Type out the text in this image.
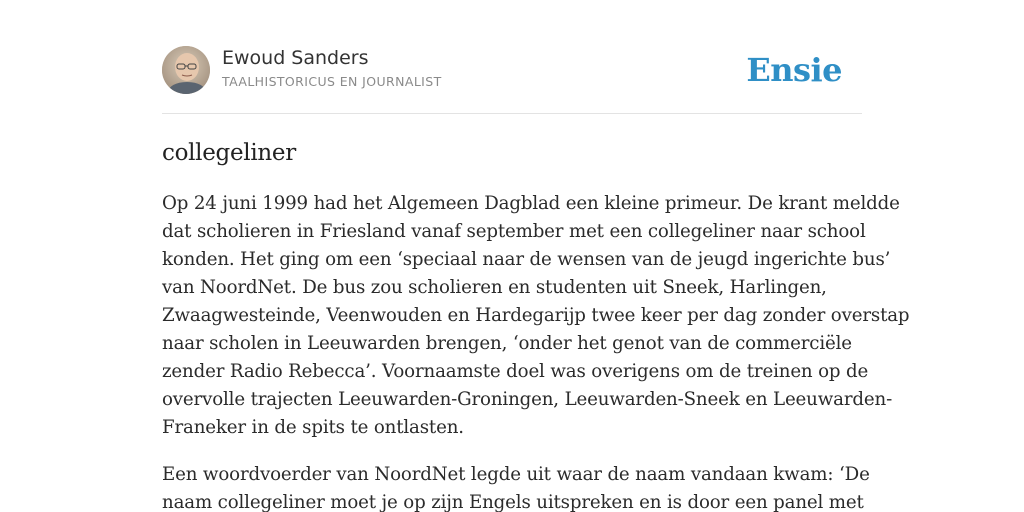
Ewoud Sanders
TAALHISTORICUS EN JOURNALIST	Ensie
collegeliner

Op 24 juni 1999 had het Algemeen Dagblad een kleine primeur. De krant meldde
dat scholieren in Friesland vanaf september met een collegeliner naar school
konden. Het ging om een ‘speciaal naar de wensen van de jeugd ingerichte bus’
van NoordNet. De bus zou scholieren en studenten uit Sneek, Harlingen,
Zwaagwesteinde, Veenwouden en Hardegarijp twee keer per dag zonder overstap
naar scholen in Leeuwarden brengen, ‘onder het genot van de commerciële
zender Radio Rebecca’. Voornaamste doel was overigens om de treinen op de
overvolle trajecten Leeuwarden-Groningen, Leeuwarden-Sneek en Leeuwarden-
Franeker in de spits te ontlasten.

Een woordvoerder van NoordNet legde uit waar de naam vandaan kwam: ‘De
naam collegeliner moet je op zijn Engels uitspreken en is door een panel met
